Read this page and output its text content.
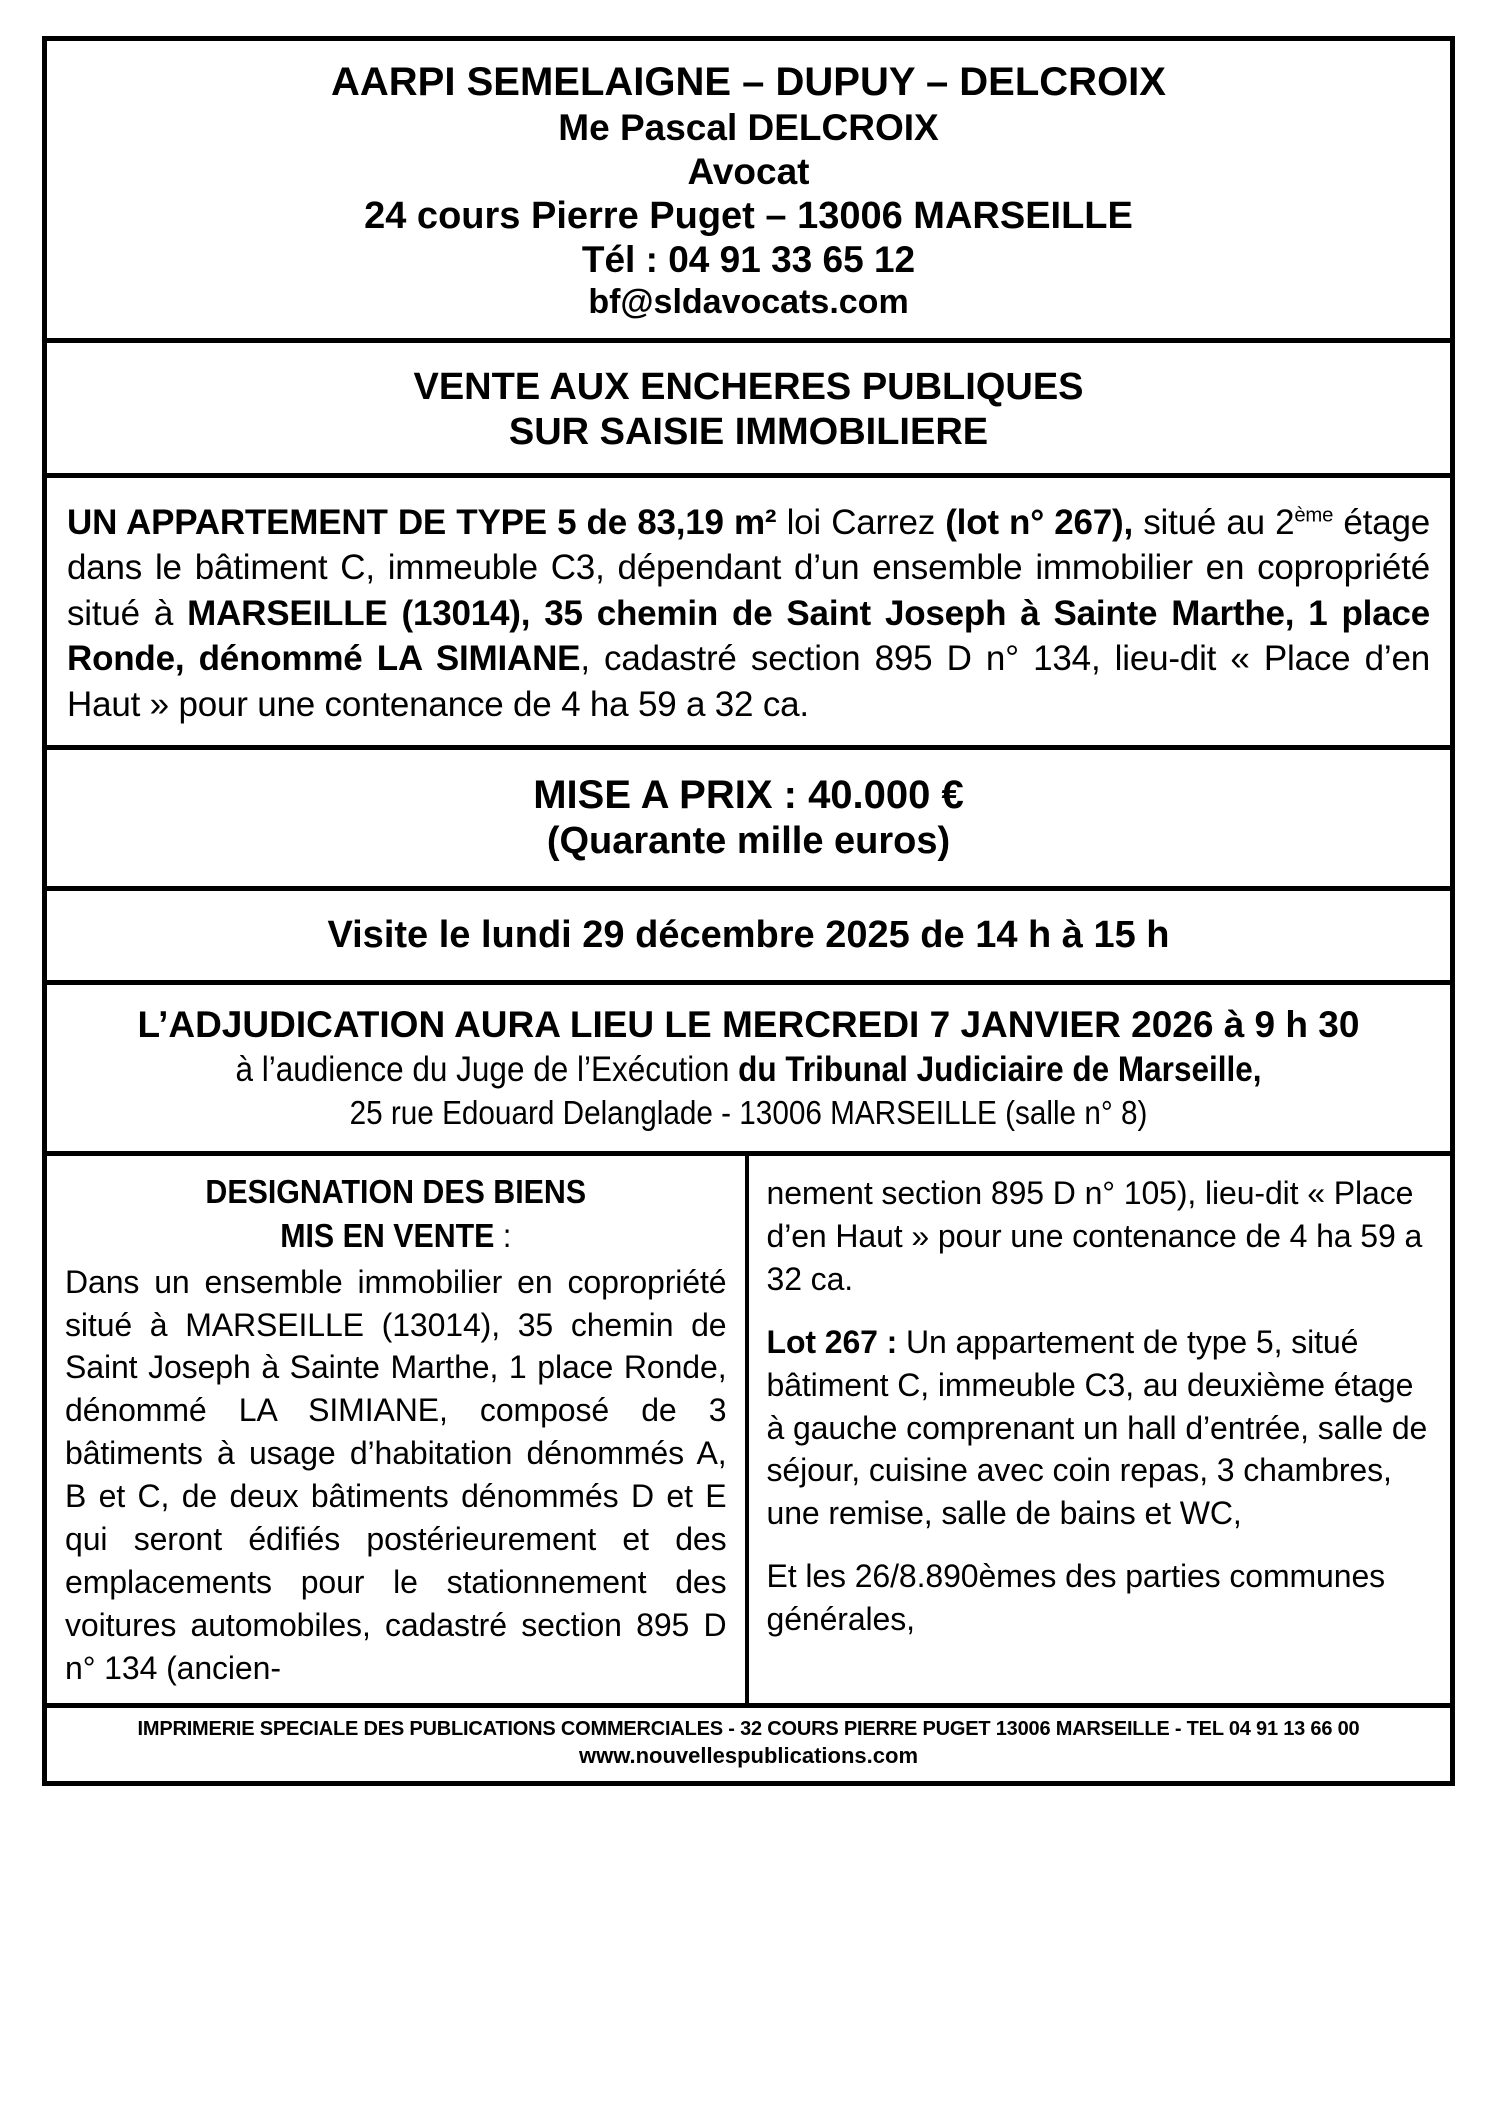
AARPI SEMELAIGNE – DUPUY – DELCROIX
Me Pascal DELCROIX
Avocat
24 cours Pierre Puget – 13006 MARSEILLE
Tél : 04 91 33 65 12
bf@sldavocats.com
VENTE AUX ENCHERES PUBLIQUES
SUR SAISIE IMMOBILIERE
UN APPARTEMENT DE TYPE 5 de 83,19 m² loi Carrez (lot n° 267), situé au 2ème étage dans le bâtiment C, immeuble C3, dépendant d’un ensemble immobilier en copropriété situé à MARSEILLE (13014), 35 chemin de Saint Joseph à Sainte Marthe, 1 place Ronde, dénommé LA SIMIANE, cadastré section 895 D n° 134, lieu-dit « Place d’en Haut » pour une contenance de 4 ha 59 a 32 ca.
MISE A PRIX : 40.000 €
(Quarante mille euros)
Visite le lundi 29 décembre 2025 de 14 h à 15 h
L’ADJUDICATION AURA LIEU LE MERCREDI 7 JANVIER 2026 à 9 h 30
à l’audience du Juge de l’Exécution du Tribunal Judiciaire de Marseille,
25 rue Edouard Delanglade - 13006 MARSEILLE (salle n° 8)
DESIGNATION DES BIENS
MIS EN VENTE :

Dans un ensemble immobilier en copropriété situé à MARSEILLE (13014), 35 chemin de Saint Joseph à Sainte Marthe, 1 place Ronde, dénommé LA SIMIANE, composé de 3 bâtiments à usage d’habitation dénommés A, B et C, de deux bâtiments dénommés D et E qui seront édifiés postérieurement et des emplacements pour le stationnement des voitures automobiles, cadastré section 895 D n° 134 (ancien-

nement section 895 D n° 105), lieu-dit « Place d’en Haut » pour une contenance de 4 ha 59 a 32 ca.

Lot 267 : Un appartement de type 5, situé bâtiment C, immeuble C3, au deuxième étage à gauche comprenant un hall d’entrée, salle de séjour, cuisine avec coin repas, 3 chambres, une remise, salle de bains et WC,

Et les 26/8.890èmes des parties communes générales,

IMPRIMERIE SPECIALE DES PUBLICATIONS COMMERCIALES - 32 COURS PIERRE PUGET 13006 MARSEILLE - TEL 04 91 13 66 00
www.nouvellespublications.com
